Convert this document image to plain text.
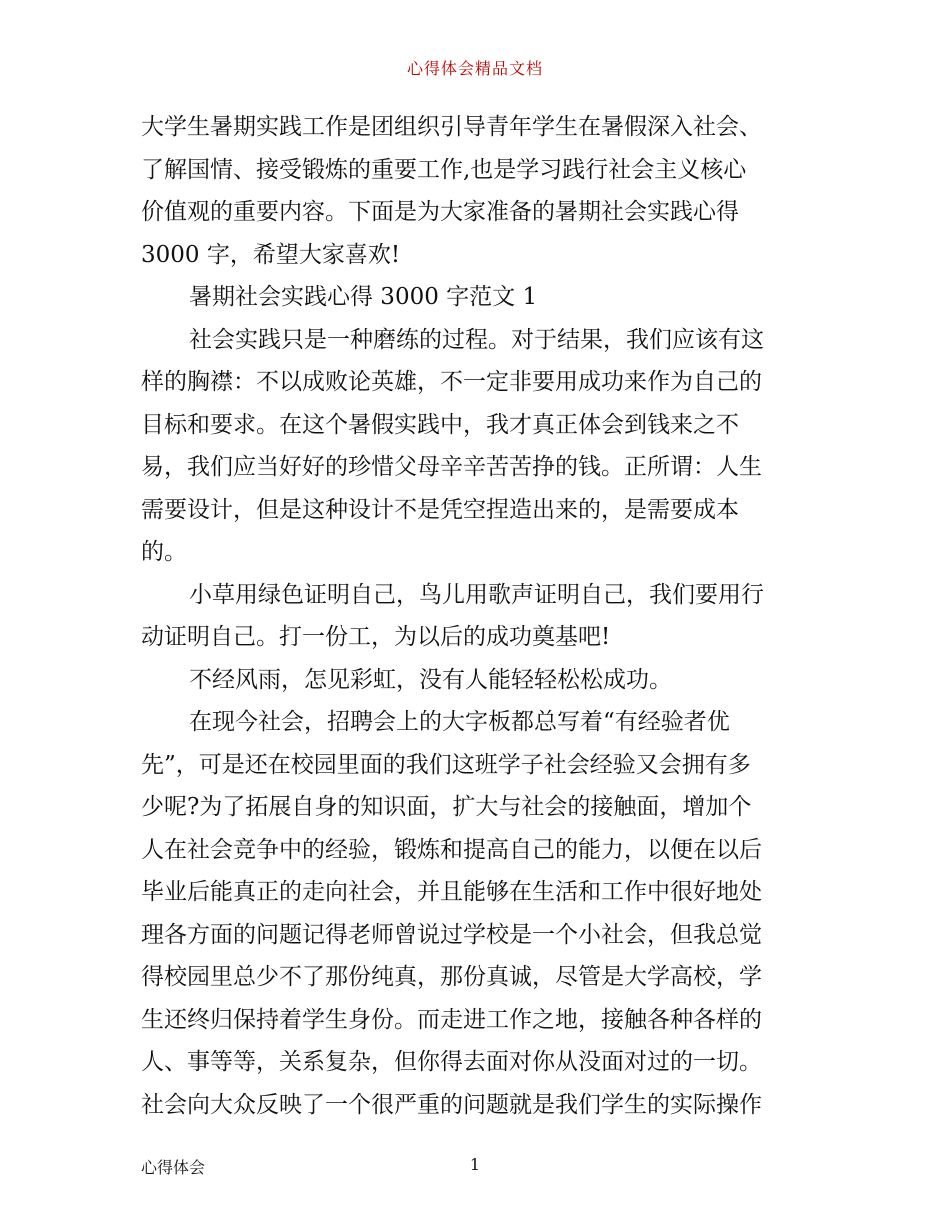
心得体会精品文档

大学生暑期实践工作是团组织引导青年学生在暑假深入社会、
了解国情、接受锻炼的重要工作,也是学习践行社会主义核心
价值观的重要内容。下面是为大家准备的暑期社会实践心得
3000 字，希望大家喜欢!

暑期社会实践心得 3000 字范文 1

社会实践只是一种磨练的过程。对于结果，我们应该有这
样的胸襟：不以成败论英雄，不一定非要用成功来作为自己的
目标和要求。在这个暑假实践中，我才真正体会到钱来之不
易，我们应当好好的珍惜父母辛辛苦苦挣的钱。正所谓：人生
需要设计，但是这种设计不是凭空捏造出来的，是需要成本
的。

小草用绿色证明自己，鸟儿用歌声证明自己，我们要用行
动证明自己。打一份工，为以后的成功奠基吧!

不经风雨，怎见彩虹，没有人能轻轻松松成功。

在现今社会，招聘会上的大字板都总写着“有经验者优
先”，可是还在校园里面的我们这班学子社会经验又会拥有多
少呢?为了拓展自身的知识面，扩大与社会的接触面，增加个
人在社会竞争中的经验，锻炼和提高自己的能力，以便在以后
毕业后能真正的走向社会，并且能够在生活和工作中很好地处
理各方面的问题记得老师曾说过学校是一个小社会，但我总觉
得校园里总少不了那份纯真，那份真诚，尽管是大学高校，学
生还终归保持着学生身份。而走进工作之地，接触各种各样的
人、事等等，关系复杂，但你得去面对你从没面对过的一切。
社会向大众反映了一个很严重的问题就是我们学生的实际操作

心得体会	1
